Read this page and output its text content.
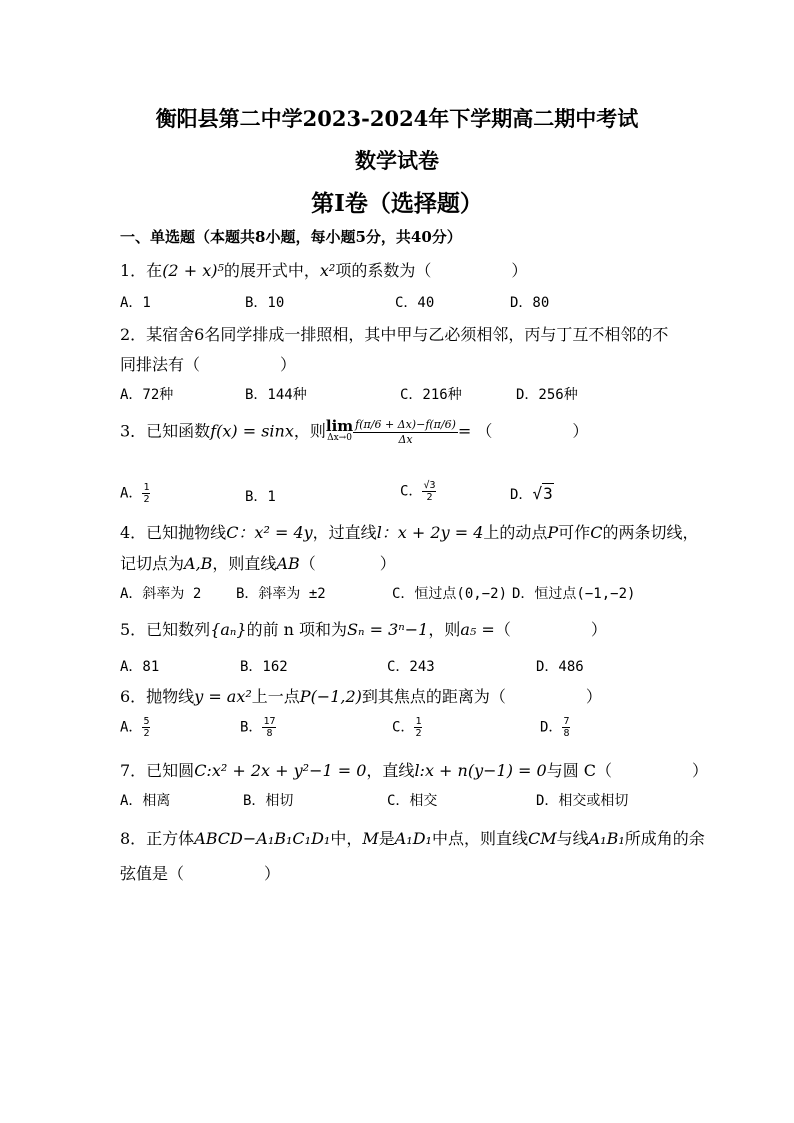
衡阳县第二中学2023-2024年下学期高二期中考试
数学试卷
第Ⅰ卷（选择题）
一、单选题（本题共8小题，每小题5分，共40分）
1．在(2 + x)⁵的展开式中，x²项的系数为（　　　　　）
A．1	B．10	C．40	D．80
2．某宿舍6名同学排成一排照相，其中甲与乙必须相邻，丙与丁互不相邻的不
同排法有（　　　　　）
A．72种	B．144种	C．216种	D．256种
3．已知函数f(x) = sinx，则 lim
$\Delta x\to 0 \frac{f(\pi/6 + \Delta x)-f(\pi/6)}{\Delta x}$ = （　　　　　）
A． $\frac{1}{2}$	B．1	C． $\frac{√3}{2}$	D．√3
4．已知抛物线C：x² = 4y，过直线l：x + 2y = 4上的动点P可作C的两条切线，
记切点为A,B，则直线AB（　　　　）
A．斜率为 2 B．斜率为 ±2	C．恒过点(0,−2) D．恒过点(−1,−2)
5．已知数列{aₙ}的前 n 项和为Sₙ = 3ⁿ−1，则a₅ =（　　　　　）
A．81	B．162	C．243	D．486
6．抛物线y = ax²上一点P(−1,2)到其焦点的距离为（　　　　　）
A． $\frac{5}{2}$	B． $\frac{17}{8}$	C． $\frac{1}{2}$	D． $\frac{7}{8}$
7．已知圆C:x² + 2x + y²−1 = 0，直线l:x + n(y−1) = 0与圆 C（　　　　　）
A．相离	B．相切	C．相交	D．相交或相切
8．正方体ABCD−A₁B₁C₁D₁中，M是A₁D₁中点，则直线CM与线A₁B₁所成角的余
弦值是（　　　　　）
